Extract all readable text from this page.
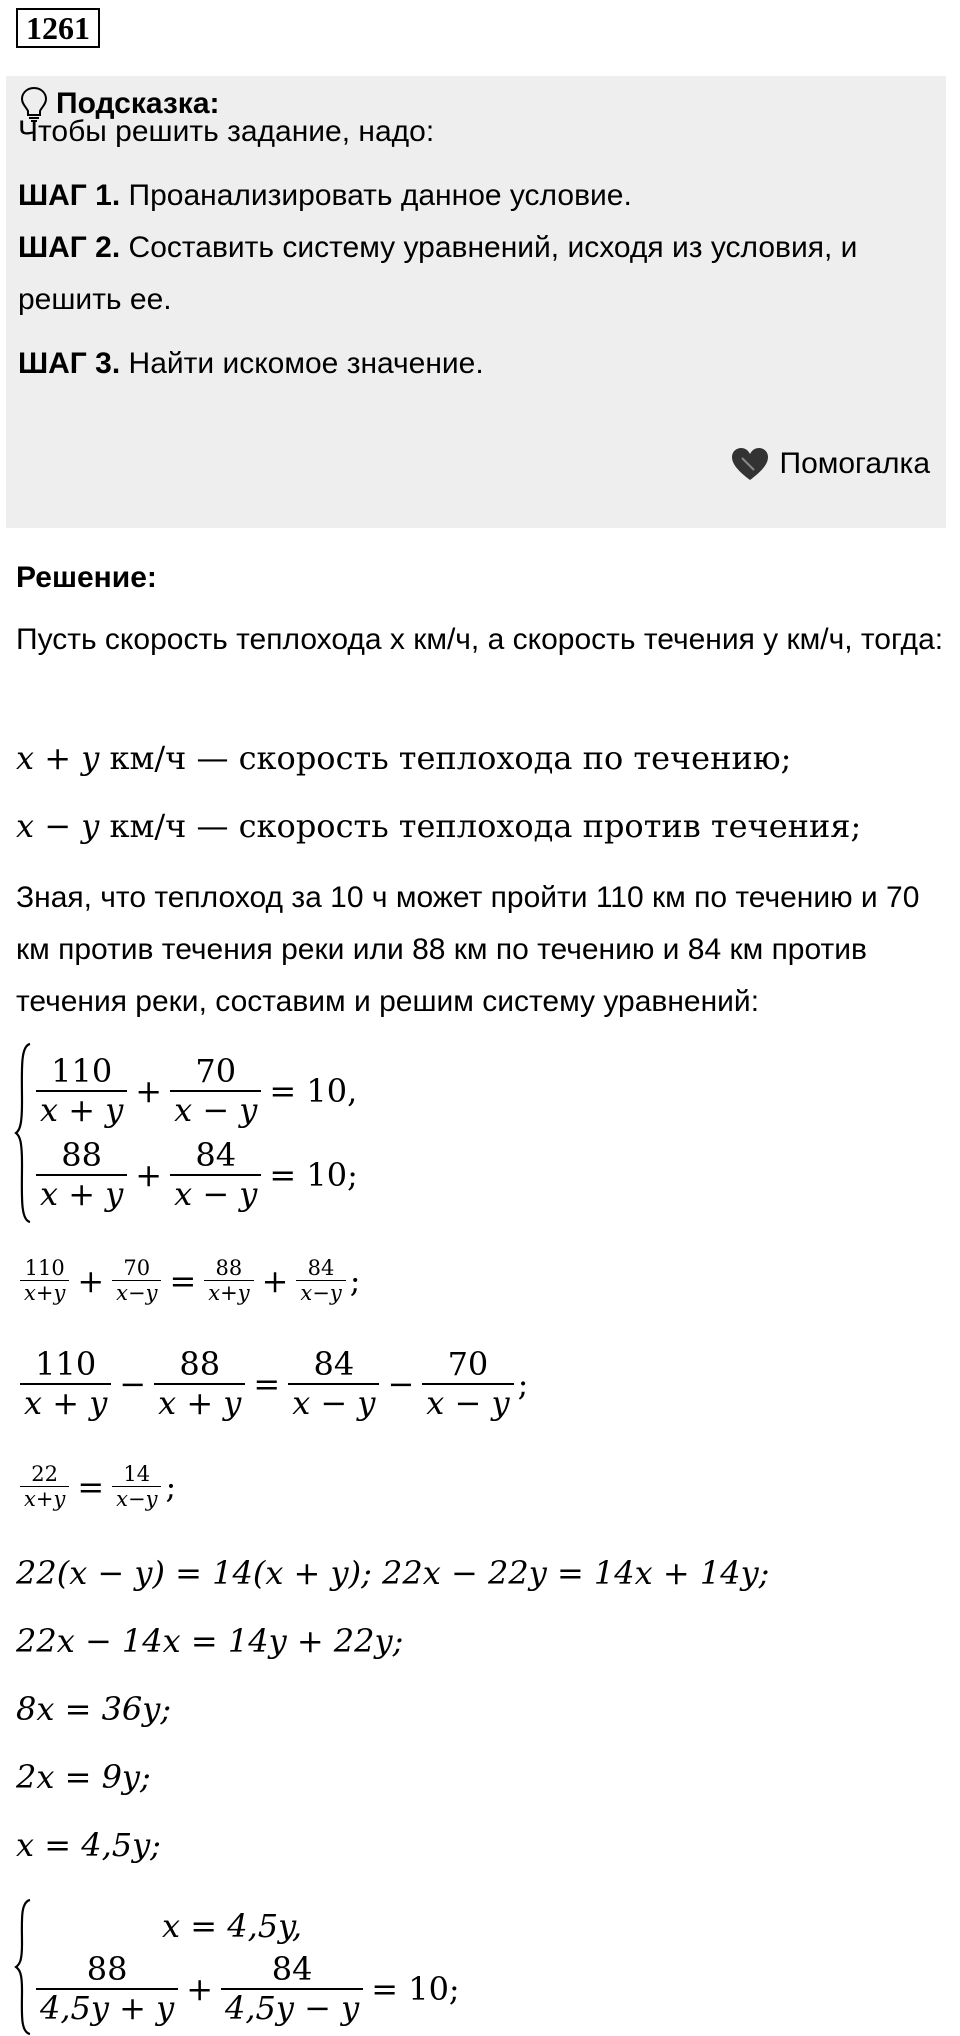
1261
Подсказка:

Чтобы решить задание, надо:

ШАГ 1. Проанализировать данное условие.

ШАГ 2. Составить систему уравнений, исходя из условия, и решить ее.

ШАГ 3. Найти искомое значение.

Помогалка

Решение:

Пусть скорость теплохода x км/ч, а скорость течения y км/ч, тогда:

x + y км/ч — скорость теплохода по течению;

x − y км/ч — скорость теплохода против течения;

Зная, что теплоход за 10 ч может пройти 110 км по течению и 70 км против течения реки или 88 км по течению и 84 км против течения реки, составим и решим систему уравнений:

$\frac{110}{x + y} + \frac{70}{x - y} = 10$,
$\frac{88}{x + y} + \frac{84}{x - y} = 10$;
$\frac{110}{x+y} + \frac{70}{x-y} = \frac{88}{x+y} + \frac{84}{x-y}$ ;
$\frac{110}{x + y} - \frac{88}{x + y} = \frac{84}{x - y} - \frac{70}{x - y}$ ;
$\frac{22}{x+y} = \frac{14}{x-y}$ ;
22(x − y) = 14(x + y); 22x − 22y = 14x + 14y;
22x − 14x = 14y + 22y;
8x = 36y;
2x = 9y;
x = 4,5y;
x = 4,5y,
$\frac{88}{4,5y + y} + \frac{84}{4,5y - y} = 10$;
